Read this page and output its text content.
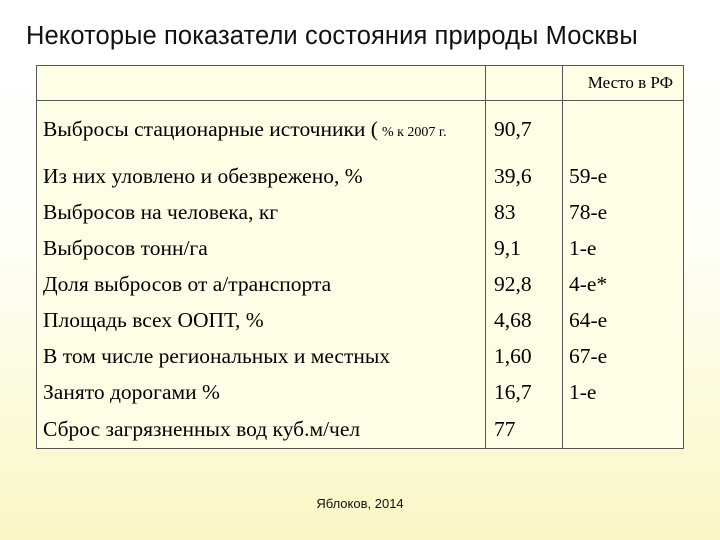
Некоторые показатели состояния природы Москвы
		Место в РФ
Выбросы стационарные источники ( % к 2007 г.	90,7	
Из них уловлено и обезврежено, %	39,6	59-е
Выбросов на человека, кг	83	78-е
Выбросов тонн/га	9,1	1-е
Доля выбросов от а/транспорта	92,8	4-е*
Площадь всех ООПТ, %	4,68	64-е
В том числе региональных и местных	1,60	67-е
Занято дорогами %	16,7	1-е
Сброс загрязненных вод куб.м/чел	77	
Яблоков, 2014
